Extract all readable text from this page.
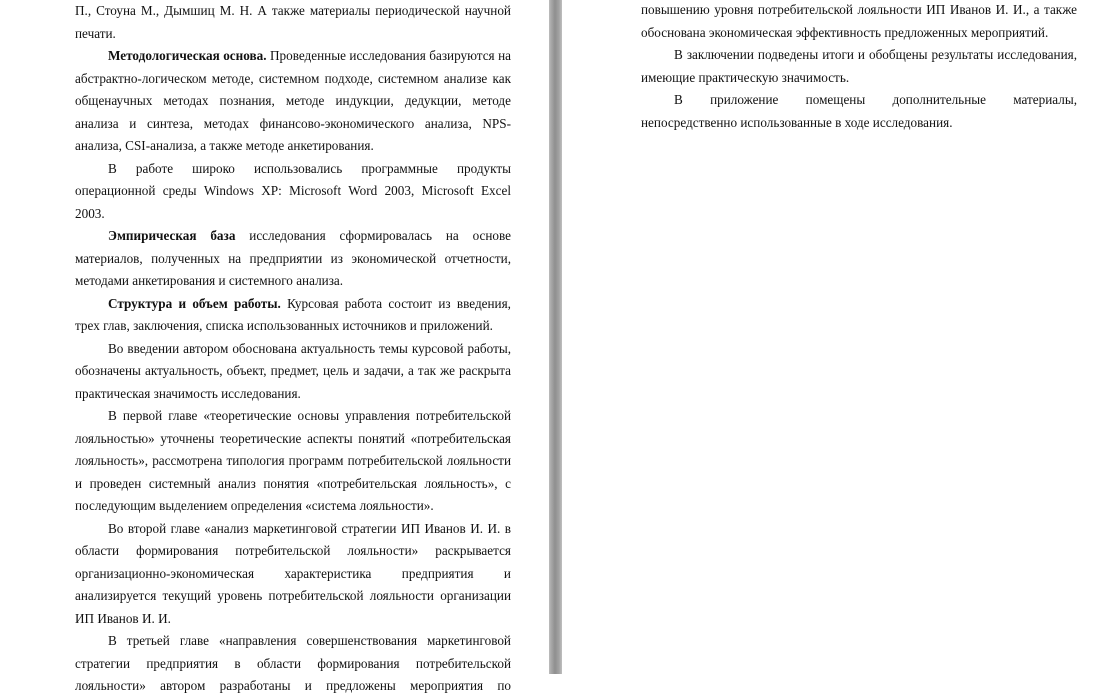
П., Стоуна М., Дымшиц М. Н. А также материалы периодической научной печати.

Методологическая основа. Проведенные исследования базируются на абстрактно-логическом методе, системном подходе, системном анализе как общенаучных методах познания, методе индукции, дедукции, методе анализа и синтеза, методах финансово-экономического анализа, NPS-анализа, CSI-анализа, а также методе анкетирования.

В работе широко использовались программные продукты операционной среды Windows XP: Microsoft Word 2003, Microsoft Excel 2003.

Эмпирическая база исследования сформировалась на основе материалов, полученных на предприятии из экономической отчетности, методами анкетирования и системного анализа.

Структура и объем работы. Курсовая работа состоит из введения, трех глав, заключения, списка использованных источников и приложений.

Во введении автором обоснована актуальность темы курсовой работы, обозначены актуальность, объект, предмет, цель и задачи, а так же раскрыта практическая значимость исследования.

В первой главе «теоретические основы управления потребительской лояльностью» уточнены теоретические аспекты понятий «потребительская лояльность», рассмотрена типология программ потребительской лояльности и проведен системный анализ понятия «потребительская лояльность», с последующим выделением определения «система лояльности».

Во второй главе «анализ маркетинговой стратегии ИП Иванов И. И. в области формирования потребительской лояльности» раскрывается организационно-экономическая характеристика предприятия и анализируется текущий уровень потребительской лояльности организации ИП Иванов И. И.

В третьей главе «направления совершенствования маркетинговой стратегии предприятия в области формирования потребительской лояльности» автором разработаны и предложены мероприятия по

повышению уровня потребительской лояльности ИП Иванов И. И., а также обоснована экономическая эффективность предложенных мероприятий.

В заключении подведены итоги и обобщены результаты исследования, имеющие практическую значимость.

В приложение помещены дополнительные материалы, непосредственно использованные в ходе исследования.
